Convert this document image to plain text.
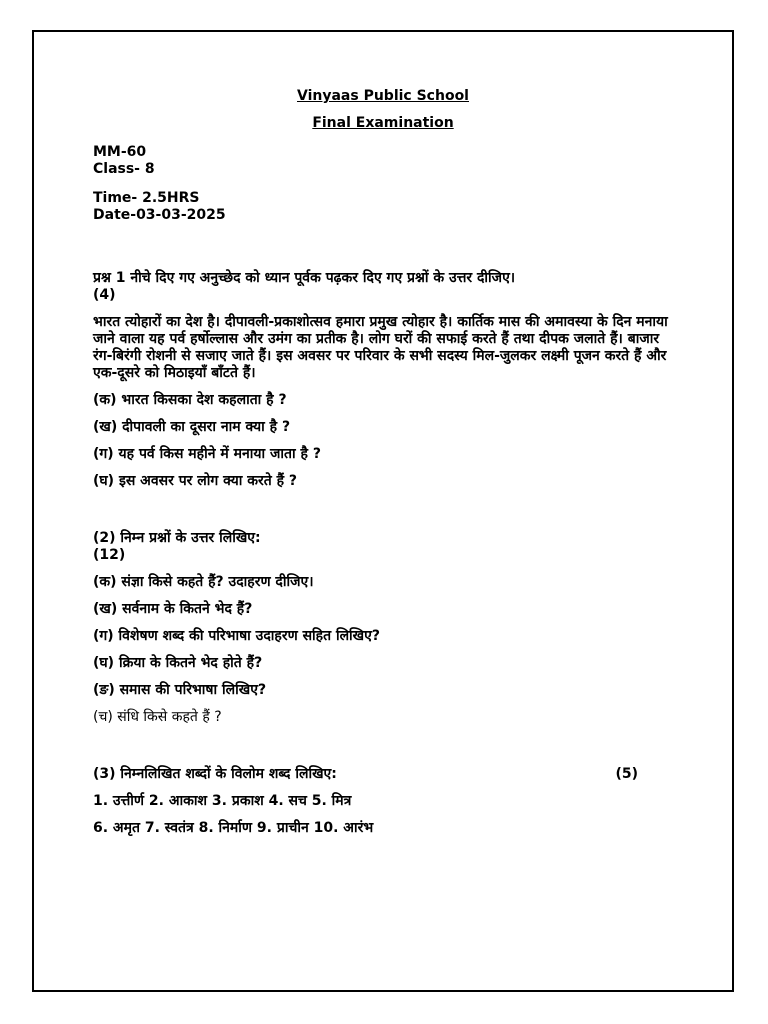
Vinyaas Public School

Final Examination

MM-60

Class- 8

Time- 2.5HRS

Date-03-03-2025

प्रश्न 1 नीचे दिए गए अनुच्छेद को ध्यान पूर्वक पढ़कर दिए गए प्रश्नों के उत्तर दीजिए।

(4)

भारत त्योहारों का देश है। दीपावली-प्रकाशोत्सव हमारा प्रमुख त्योहार है। कार्तिक मास की अमावस्या के दिन मनाया जाने वाला यह पर्व हर्षोल्लास और उमंग का प्रतीक है। लोग घरों की सफाई करते हैं तथा दीपक जलाते हैं। बाजार रंग-बिरंगी रोशनी से सजाए जाते हैं। इस अवसर पर परिवार के सभी सदस्य मिल-जुलकर लक्ष्मी पूजन करते हैं और एक-दूसरे को मिठाइयाँ बाँटते हैं।

(क) भारत किसका देश कहलाता है ?

(ख) दीपावली का दूसरा नाम क्या है ?

(ग) यह पर्व किस महीने में मनाया जाता है ?

(घ) इस अवसर पर लोग क्या करते हैं ?

(2) निम्न प्रश्नों के उत्तर लिखिए:

(12)

(क) संज्ञा किसे कहते हैं? उदाहरण दीजिए।

(ख) सर्वनाम के कितने भेद हैं?

(ग) विशेषण शब्द की परिभाषा उदाहरण सहित लिखिए?

(घ) क्रिया के कितने भेद होते हैं?

(ङ) समास की परिभाषा लिखिए?

(च) संधि किसे कहते हैं ?

(3) निम्नलिखित शब्दों के विलोम शब्द लिखिए:	(5)

1. उत्तीर्ण 2. आकाश 3. प्रकाश 4. सच 5. मित्र

6. अमृत 7. स्वतंत्र 8. निर्माण 9. प्राचीन 10. आरंभ
